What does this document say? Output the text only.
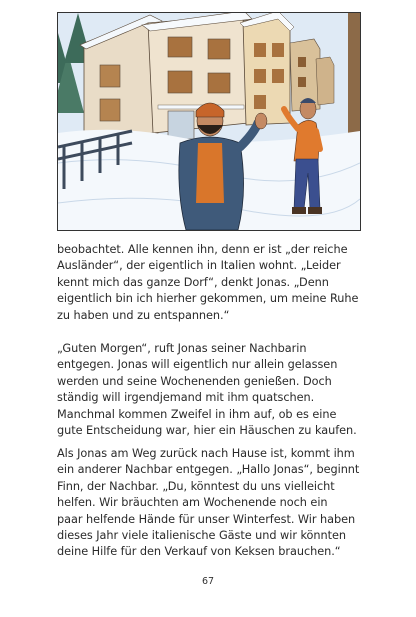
beobachtet. Alle kennen ihn, denn er ist „der reiche

Ausländer“, der eigentlich in Italien wohnt. „Leider

kennt mich das ganze Dorf“, denkt Jonas. „Denn

eigentlich bin ich hierher gekommen, um meine Ruhe

zu haben und zu entspannen.“

„Guten Morgen“, ruft Jonas seiner Nachbarin

entgegen. Jonas will eigentlich nur allein gelassen

werden und seine Wochenenden genießen. Doch

ständig will irgendjemand mit ihm quatschen.

Manchmal kommen Zweifel in ihm auf, ob es eine

gute Entscheidung war, hier ein Häuschen zu kaufen.

Als Jonas am Weg zurück nach Hause ist, kommt ihm

ein anderer Nachbar entgegen. „Hallo Jonas“, beginnt

Finn, der Nachbar. „Du, könntest du uns vielleicht

helfen. Wir bräuchten am Wochenende noch ein

paar helfende Hände für unser Winterfest. Wir haben

dieses Jahr viele italienische Gäste und wir könnten

deine Hilfe für den Verkauf von Keksen brauchen.“

67
